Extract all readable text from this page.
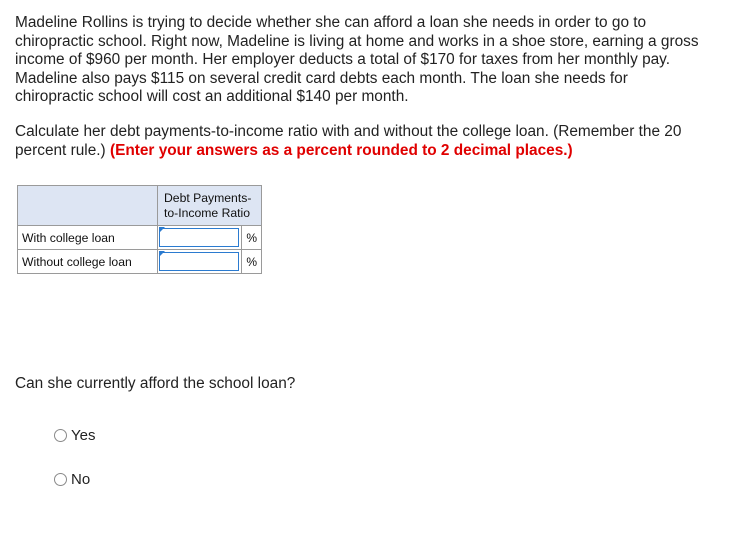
Madeline Rollins is trying to decide whether she can afford a loan she needs in order to go to chiropractic school. Right now, Madeline is living at home and works in a shoe store, earning a gross income of $960 per month. Her employer deducts a total of $170 for taxes from her monthly pay. Madeline also pays $115 on several credit card debts each month. The loan she needs for chiropractic school will cost an additional $140 per month.

Calculate her debt payments-to-income ratio with and without the college loan. (Remember the 20 percent rule.) (Enter your answers as a percent rounded to 2 decimal places.)
	Debt Payments-to-Income Ratio	
With college loan		%
Without college loan		%
Can she currently afford the school loan?
Yes
No
